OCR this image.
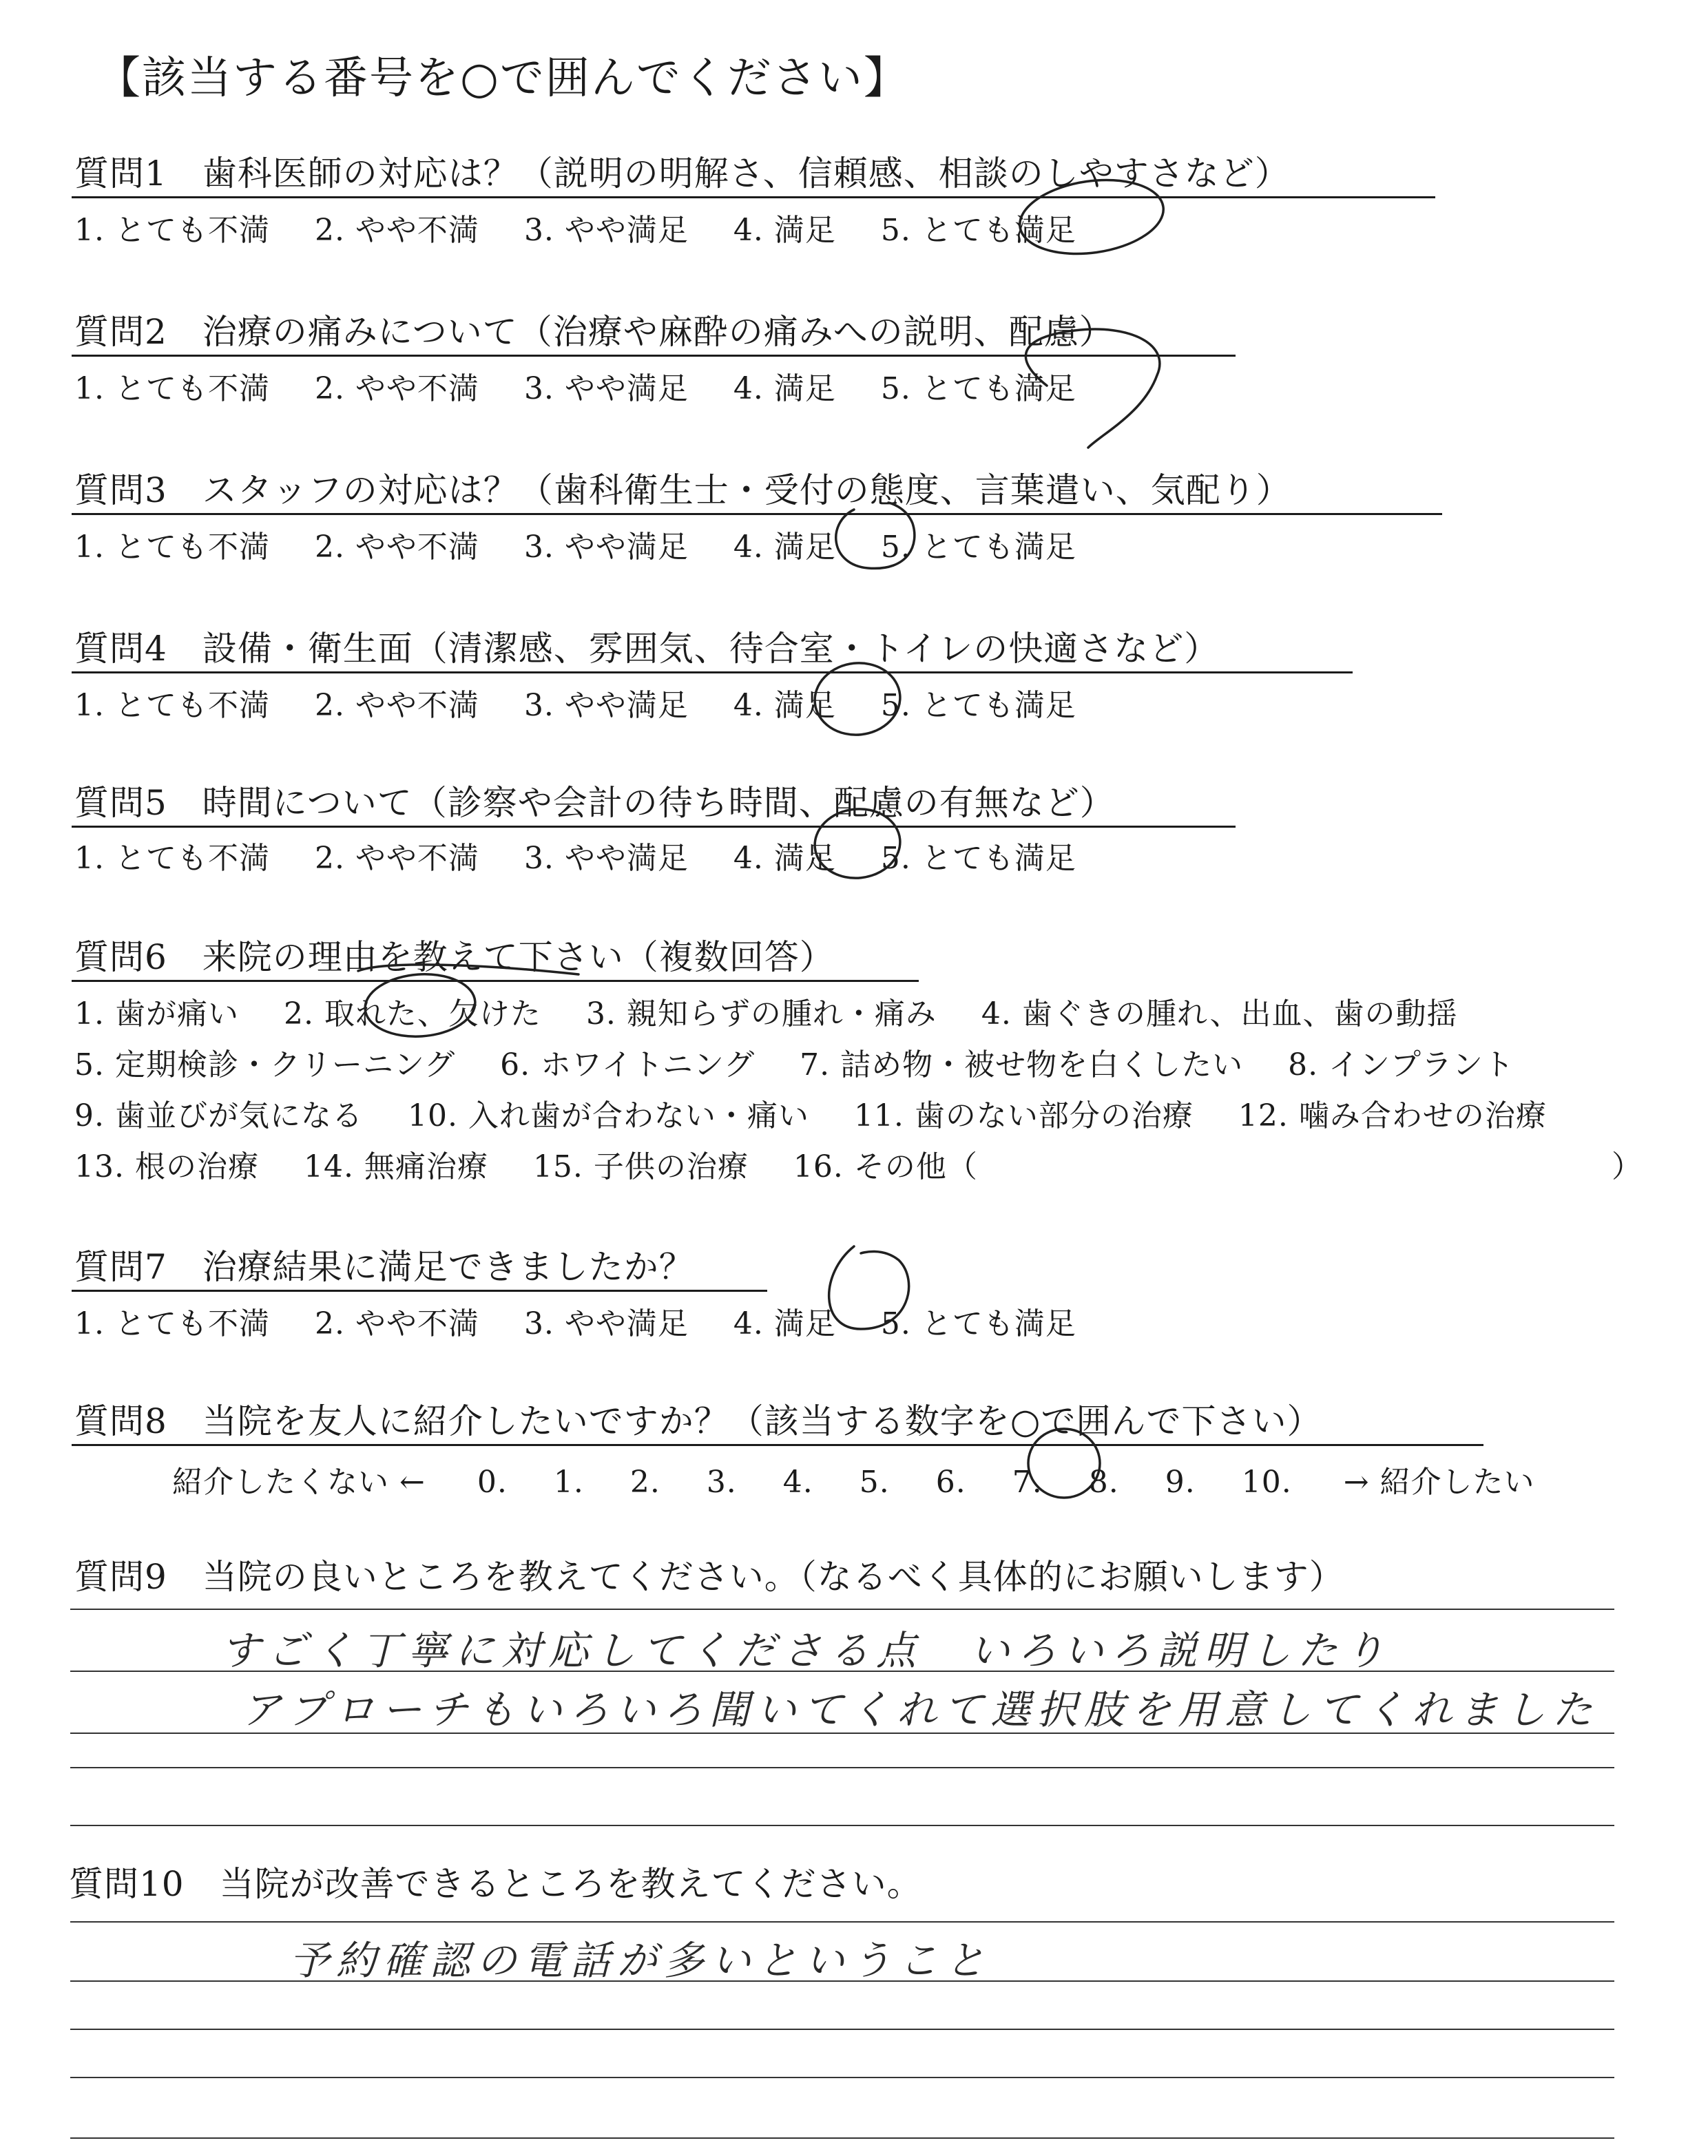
【該当する番号を○で囲んでください】
質問1　歯科医師の対応は？（説明の明解さ、信頼感、相談のしやすさなど）
1. とても不満 2. やや不満 3. やや満足 4. 満足 5. とても満足
質問2　治療の痛みについて（治療や麻酔の痛みへの説明、配慮）
1. とても不満 2. やや不満 3. やや満足 4. 満足 5. とても満足
質問3　スタッフの対応は？（歯科衛生士・受付の態度、言葉遣い、気配り）
1. とても不満 2. やや不満 3. やや満足 4. 満足 5. とても満足
質問4　設備・衛生面（清潔感、雰囲気、待合室・トイレの快適さなど）
1. とても不満 2. やや不満 3. やや満足 4. 満足 5. とても満足
質問5　時間について（診察や会計の待ち時間、配慮の有無など）
1. とても不満 2. やや不満 3. やや満足 4. 満足 5. とても満足
質問6　来院の理由を教えて下さい（複数回答）
1. 歯が痛い 2. 取れた、欠けた 3. 親知らずの腫れ・痛み 4. 歯ぐきの腫れ、出血、歯の動揺
5. 定期検診・クリーニング 6. ホワイトニング 7. 詰め物・被せ物を白くしたい 8. インプラント
9. 歯並びが気になる 10. 入れ歯が合わない・痛い 11. 歯のない部分の治療 12. 噛み合わせの治療
13. 根の治療 14. 無痛治療 15. 子供の治療 16. その他（	）
質問7　治療結果に満足できましたか？
1. とても不満 2. やや不満 3. やや満足 4. 満足 5. とても満足
質問8　当院を友人に紹介したいですか？（該当する数字を○で囲んで下さい）
紹介したくない ← 0. 1. 2. 3. 4. 5. 6. 7. 8. 9. 10. → 紹介したい
質問9　当院の良いところを教えてください。（なるべく具体的にお願いします）
すごく丁寧に対応してくださる点　いろいろ説明したり
アプローチもいろいろ聞いてくれて選択肢を用意してくれました
質問10　当院が改善できるところを教えてください。
予約確認の電話が多いということ
